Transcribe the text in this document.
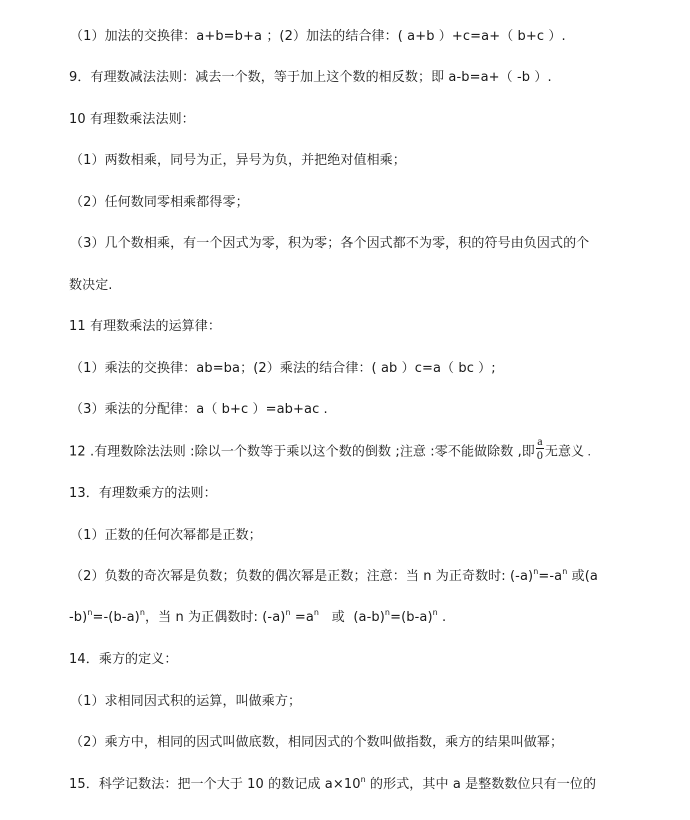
（1）加法的交换律：a+b=b+a ；(2）加法的结合律：( a+b ）+c=a+（ b+c ）.
9．有理数减法法则：减去一个数，等于加上这个数的相反数；即 a-b=a+（ -b ）.
10 有理数乘法法则：
（1）两数相乘，同号为正，异号为负，并把绝对值相乘；
（2）任何数同零相乘都得零；
（3）几个数相乘，有一个因式为零，积为零；各个因式都不为零，积的符号由负因式的个
数决定.
11 有理数乘法的运算律：
（1）乘法的交换律：ab=ba；(2）乘法的结合律：( ab ）c=a（ bc ）;
（3）乘法的分配律：a（ b+c ）=ab+ac .
12 .有理数除法法则 :除以一个数等于乘以这个数的倒数 ;注意 :零不能做除数 ,即 $\frac{a}{0}$ 无意义 .
13．有理数乘方的法则：
（1）正数的任何次幂都是正数；
（2）负数的奇次幂是负数；负数的偶次幂是正数；注意：当 n 为正奇数时: $(-a)^n=-a^n$ 或(a
$-b)^n=-(b-a)^n$，当 n 为正偶数时: $(-a)^n =a^n$   或  $(a-b)^n=(b-a)^n$ .
14．乘方的定义：
（1）求相同因式积的运算，叫做乘方；
（2）乘方中，相同的因式叫做底数，相同因式的个数叫做指数，乘方的结果叫做幂；
15．科学记数法：把一个大于 10 的数记成 $a\times 10^n$ 的形式，其中 a 是整数数位只有一位的
